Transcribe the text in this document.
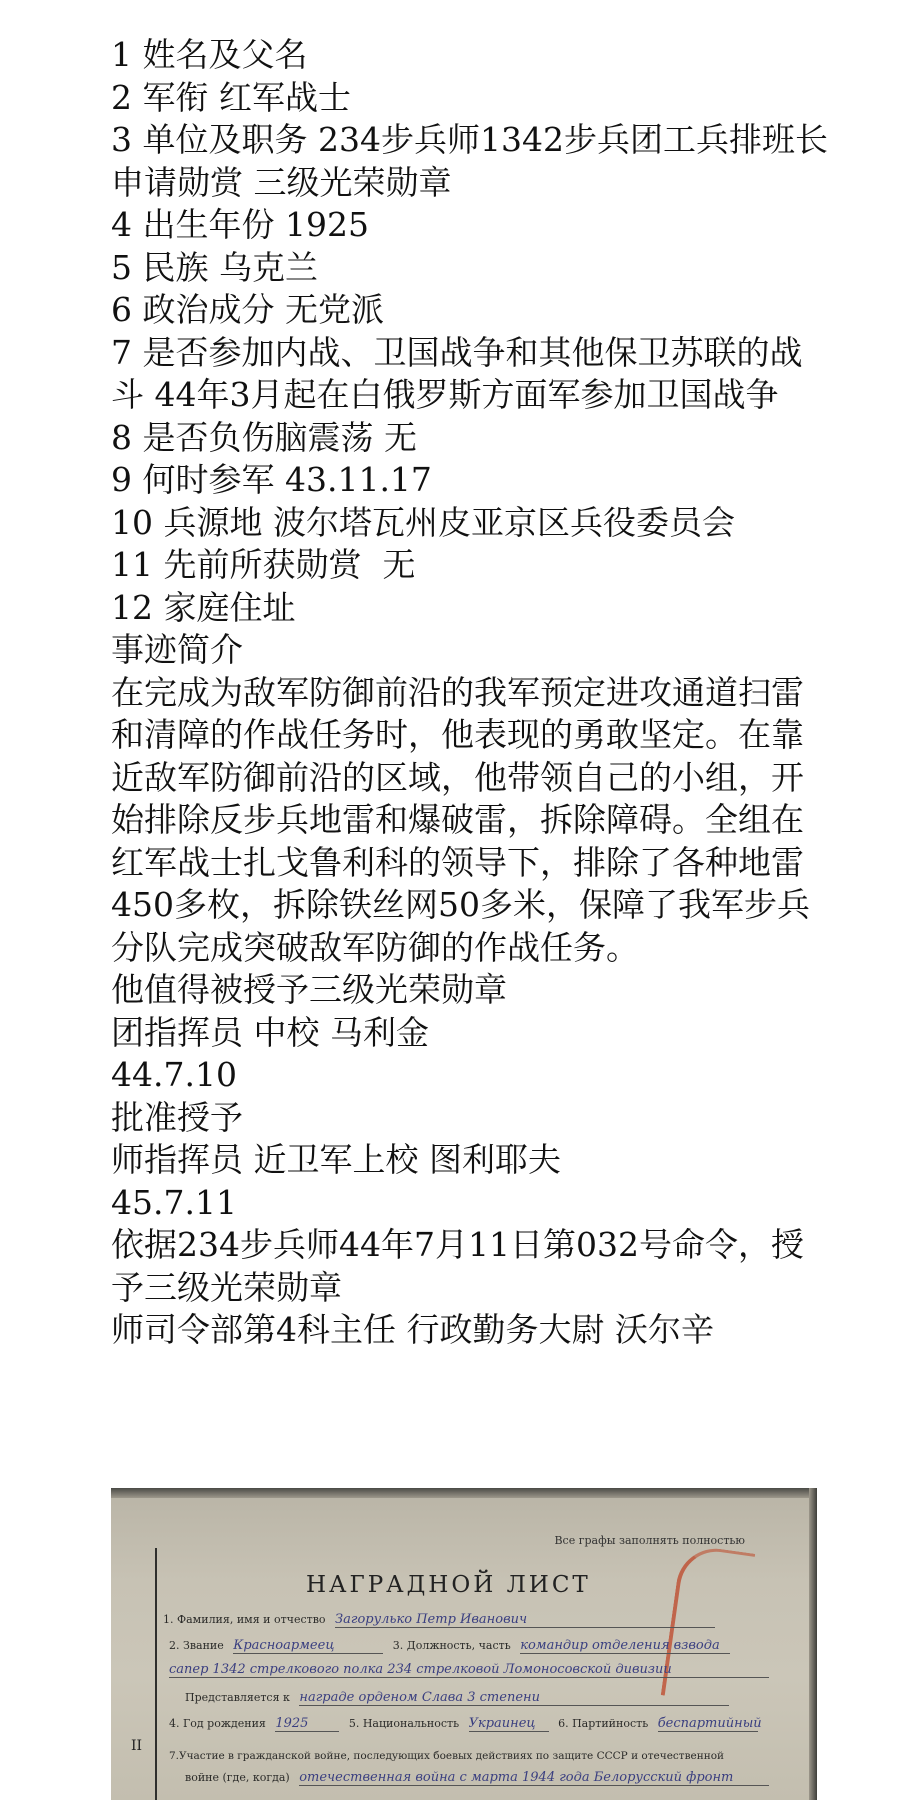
1 姓名及父名
2 军衔 红军战士
3 单位及职务 234步兵师1342步兵团工兵排班长
申请勋赏 三级光荣勋章
4 出生年份 1925
5 民族 乌克兰
6 政治成分 无党派
7 是否参加内战、卫国战争和其他保卫苏联的战斗 44年3月起在白俄罗斯方面军参加卫国战争
8 是否负伤脑震荡 无
9 何时参军 43.11.17
10 兵源地 波尔塔瓦州皮亚京区兵役委员会
11 先前所获勋赏  无
12 家庭住址
事迹简介
在完成为敌军防御前沿的我军预定进攻通道扫雷和清障的作战任务时，他表现的勇敢坚定。在靠近敌军防御前沿的区域，他带领自己的小组，开始排除反步兵地雷和爆破雷，拆除障碍。全组在红军战士扎戈鲁利科的领导下，排除了各种地雷450多枚，拆除铁丝网50多米，保障了我军步兵分队完成突破敌军防御的作战任务。
他值得被授予三级光荣勋章
团指挥员 中校 马利金
44.7.10
批准授予
师指挥员 近卫军上校 图利耶夫
45.7.11
依据234步兵师44年7月11日第032号命令，授予三级光荣勋章
师司令部第4科主任 行政勤务大尉 沃尔辛
Все графы заполнять полностью
НАГРАДНОЙ ЛИСТ
1. Фамилия, имя и отчество Загорулько Петр Иванович
2. Звание Красноармеец	3. Должность, часть командир отделения взвода
сапер 1342 стрелкового полка 234 стрелковой Ломоносовской дивизии
Представляется к награде орденом Слава 3 степени
4. Год рождения 1925	5. Национальность Украинец 6. Партийность беспартийный
7.Участие в гражданской войне, последующих боевых действиях по защите СССР и отечественной
войне (где, когда) отечественная война с марта 1944 года Белорусский фронт
II
